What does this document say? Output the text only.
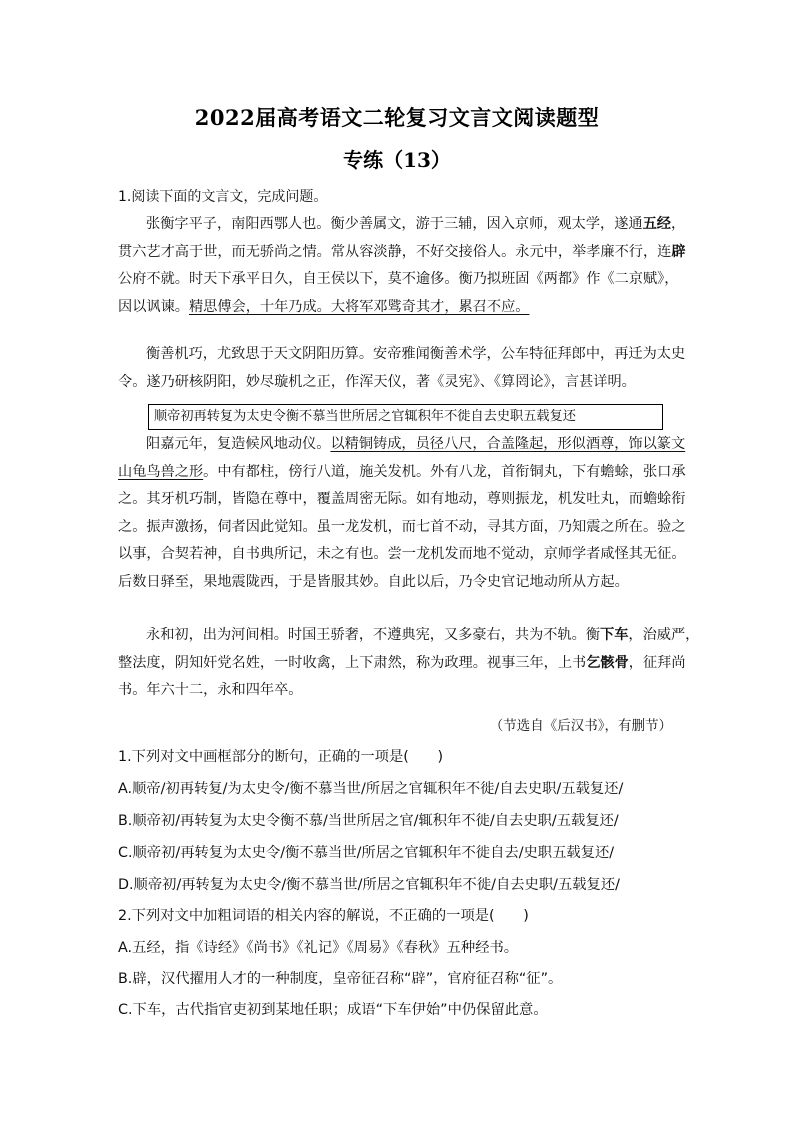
2022届高考语文二轮复习文言文阅读题型
专练（13）
1.阅读下面的文言文，完成问题。
张衡字平子，南阳西鄂人也。衡少善属文，游于三辅，因入京师，观太学，遂通五经，
贯六艺才高于世，而无骄尚之情。常从容淡静，不好交接俗人。永元中，举孝廉不行，连辟
公府不就。时天下承平日久，自王侯以下，莫不逾侈。衡乃拟班固《两都》作《二京赋》，
因以讽谏。精思傅会，十年乃成。大将军邓骘奇其才，累召不应。
衡善机巧，尤致思于天文阴阳历算。安帝雅闻衡善术学，公车特征拜郎中，再迁为太史
令。遂乃研核阴阳，妙尽璇机之正，作浑天仪，著《灵宪》、《算罔论》，言甚详明。
顺帝初再转复为太史令衡不慕当世所居之官辄积年不徙自去史职五载复还
阳嘉元年，复造候风地动仪。以精铜铸成，员径八尺，合盖隆起，形似酒尊，饰以篆文
山龟鸟兽之形。中有都柱，傍行八道，施关发机。外有八龙，首衔铜丸，下有蟾蜍，张口承
之。其牙机巧制，皆隐在尊中，覆盖周密无际。如有地动，尊则振龙，机发吐丸，而蟾蜍衔
之。振声激扬，伺者因此觉知。虽一龙发机，而七首不动，寻其方面，乃知震之所在。验之
以事，合契若神，自书典所记，未之有也。尝一龙机发而地不觉动，京师学者咸怪其无征。
后数日驿至，果地震陇西，于是皆服其妙。自此以后，乃令史官记地动所从方起。
永和初，出为河间相。时国王骄奢，不遵典宪，又多豪右，共为不轨。衡下车，治威严，
整法度，阴知奸党名姓，一时收禽，上下肃然，称为政理。视事三年，上书乞骸骨，征拜尚
书。年六十二，永和四年卒。
（节选自《后汉书》，有删节）
1.下列对文中画框部分的断句，正确的一项是(　　)
A.顺帝/初再转复/为太史令/衡不慕当世/所居之官辄积年不徙/自去史职/五载复还/
B.顺帝初/再转复为太史令衡不慕/当世所居之官/辄积年不徙/自去史职/五载复还/
C.顺帝初/再转复为太史令/衡不慕当世/所居之官辄积年不徙自去/史职五载复还/
D.顺帝初/再转复为太史令/衡不慕当世/所居之官辄积年不徙/自去史职/五载复还/
2.下列对文中加粗词语的相关内容的解说，不正确的一项是(　　)
A.五经，指《诗经》《尚书》《礼记》《周易》《春秋》五种经书。
B.辟，汉代擢用人才的一种制度，皇帝征召称“辟”，官府征召称“征”。
C.下车，古代指官吏初到某地任职；成语“下车伊始”中仍保留此意。
